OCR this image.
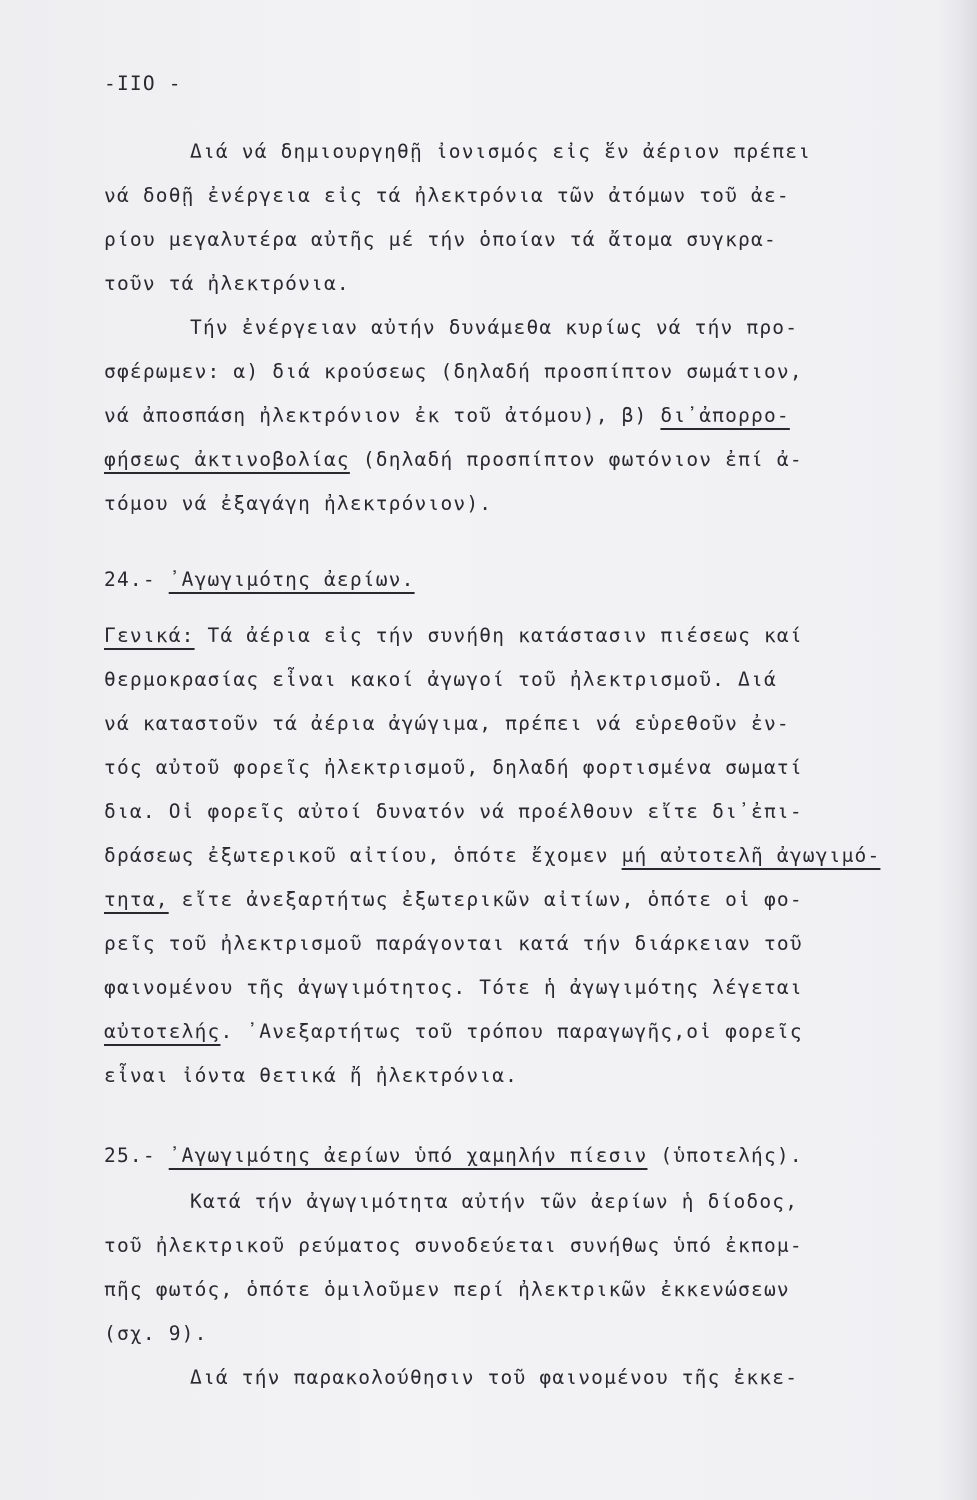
-IIO -
Διά νά δημιουργηθῇ ἰονισμός εἰς ἕν ἀέριον πρέπει
νά δοθῇ ἐνέργεια εἰς τά ἠλεκτρόνια τῶν ἀτόμων τοῦ ἀε-
ρίου μεγαλυτέρα αὐτῆς μέ τήν ὁποίαν τά ἄτομα συγκρα-
τοῦν τά ἠλεκτρόνια.
Τήν ἐνέργειαν αὐτήν δυνάμεθα κυρίως νά τήν προ-
σφέρωμεν: α) διά κρούσεως (δηλαδή προσπίπτον σωμάτιον,
νά ἀποσπάση ἠλεκτρόνιον ἐκ τοῦ ἀτόμου), β) δι᾿ἀπορρο-
φήσεως ἀκτινοβολίας (δηλαδή προσπίπτον φωτόνιον ἐπί ἀ-
τόμου νά ἐξαγάγη ἠλεκτρόνιον).
24.- ᾿Αγωγιμότης ἀερίων.
Γενικά: Τά ἀέρια εἰς τήν συνήθη κατάστασιν πιέσεως καί
θερμοκρασίας εἶναι κακοί ἀγωγοί τοῦ ἠλεκτρισμοῦ. Διά
νά καταστοῦν τά ἀέρια ἀγώγιμα, πρέπει νά εὑρεθοῦν ἐν-
τός αὐτοῦ φορεῖς ἠλεκτρισμοῦ, δηλαδή φορτισμένα σωματί
δια. Οἱ φορεῖς αὐτοί δυνατόν νά προέλθουν εἴτε δι᾿ἐπι-
δράσεως ἐξωτερικοῦ αἰτίου, ὁπότε ἔχομεν μή αὐτοτελῆ ἀγωγιμό-
τητα, εἴτε ἀνεξαρτήτως ἐξωτερικῶν αἰτίων, ὁπότε οἱ φο-
ρεῖς τοῦ ἠλεκτρισμοῦ παράγονται κατά τήν διάρκειαν τοῦ
φαινομένου τῆς ἀγωγιμότητος. Τότε ἡ ἀγωγιμότης λέγεται
αὐτοτελής. ᾿Ανεξαρτήτως τοῦ τρόπου παραγωγῆς,οἱ φορεῖς
εἶναι ἰόντα θετικά ἤ ἠλεκτρόνια.
25.- ᾿Αγωγιμότης ἀερίων ὑπό χαμηλήν πίεσιν (ὑποτελής).
Κατά τήν ἀγωγιμότητα αὐτήν τῶν ἀερίων ἡ δίοδος,
τοῦ ἠλεκτρικοῦ ρεύματος συνοδεύεται συνήθως ὑπό ἐκπομ-
πῆς φωτός, ὁπότε ὁμιλοῦμεν περί ἠλεκτρικῶν ἐκκενώσεων
(σχ. 9).
Διά τήν παρακολούθησιν τοῦ φαινομένου τῆς ἐκκε-
